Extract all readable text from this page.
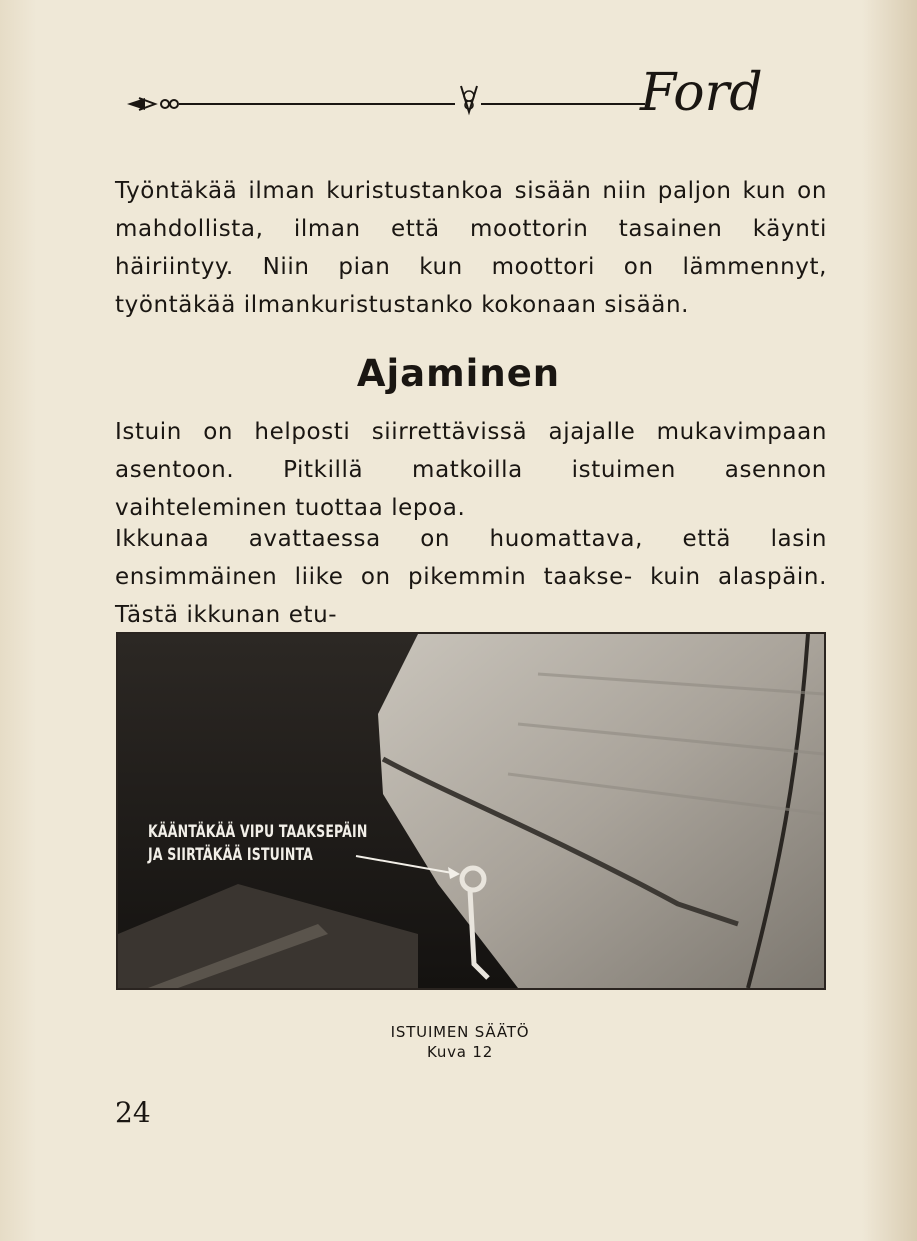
Ford

Työntäkää ilman kuristustankoa sisään niin paljon kun on mahdollista, ilman että moottorin tasainen käynti häiriintyy. Niin pian kun moottori on lämmennyt, työntäkää ilmankuristustanko kokonaan sisään.

Ajaminen

Istuin on helposti siirrettävissä ajajalle mukavimpaan asentoon. Pitkillä matkoilla istuimen asennon vaihteleminen tuottaa lepoa.

Ikkunaa avattaessa on huomattava, että lasin ensimmäinen liike on pikemmin taakse- kuin alaspäin. Tästä ikkunan etu-

KÄÄNTÄKÄÄ VIPU TAAKSEPÄIN
JA SIIRTÄKÄÄ ISTUINTA
ISTUIMEN SÄÄTÖ
Kuva 12
24
